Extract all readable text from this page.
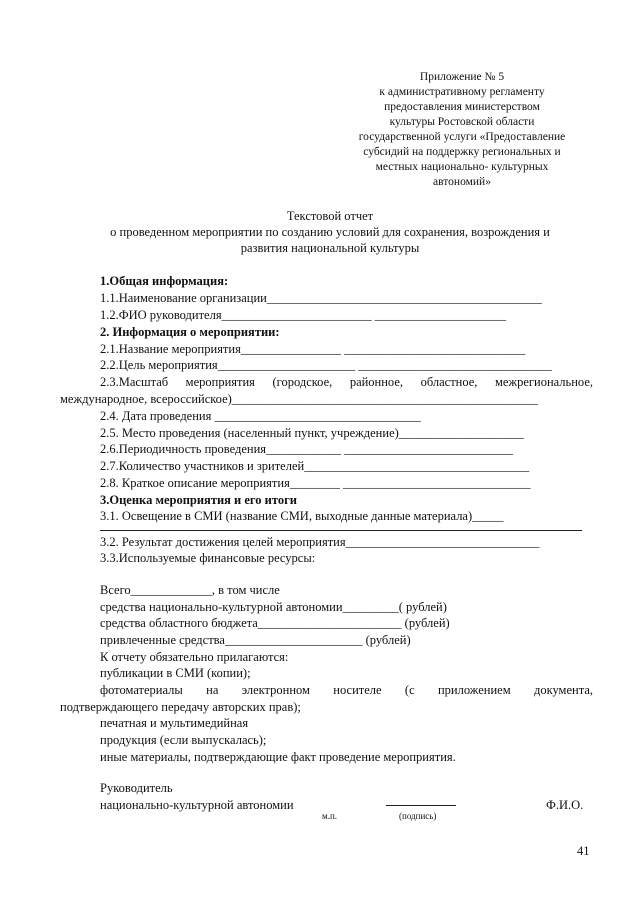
Приложение № 5
к административному регламенту
предоставления министерством
культуры Ростовской области
государственной услуги «Предоставление
субсидий на поддержку региональных и
местных национально- культурных
автономий»
Текстовой отчет
о проведенном мероприятии по созданию условий для сохранения, возрождения и
развития национальной культуры
1.Общая информация:
1.1.Наименование организации____________________________________________
1.2.ФИО руководителя________________________ _____________________
2. Информация о мероприятии:
2.1.Название мероприятия________________ _____________________________
2.2.Цель мероприятия______________________ _______________________________
2.3.Масштаб мероприятия (городское, районное, областное, межрегиональное,
международное, всероссийское)_________________________________________________
2.4. Дата проведения _________________________________
2.5. Место проведения (населенный пункт, учреждение)____________________
2.6.Периодичность проведения____________ ___________________________
2.7.Количество участников и зрителей____________________________________
2.8. Краткое описание мероприятия________ ______________________________
3.Оценка мероприятия и его итоги
3.1. Освещение в СМИ (название СМИ, выходные данные материала)_____
3.2. Результат достижения целей мероприятия_______________________________
3.3.Используемые финансовые ресурсы:
Всего_____________, в том числе
средства национально-культурной автономии_________( рублей)
средства областного бюджета_______________________ (рублей)
привлеченные средства______________________ (рублей)
К отчету обязательно прилагаются:
публикации в СМИ (копии);
фотоматериалы на электронном носителе (с приложением документа,
подтверждающего передачу авторских прав);
печатная и мультимедийная
продукция (если выпускалась);
иные материалы, подтверждающие факт проведение мероприятия.
Руководитель
национально-культурной автономии	Ф.И.О.
м.п.	(подпись)
41
